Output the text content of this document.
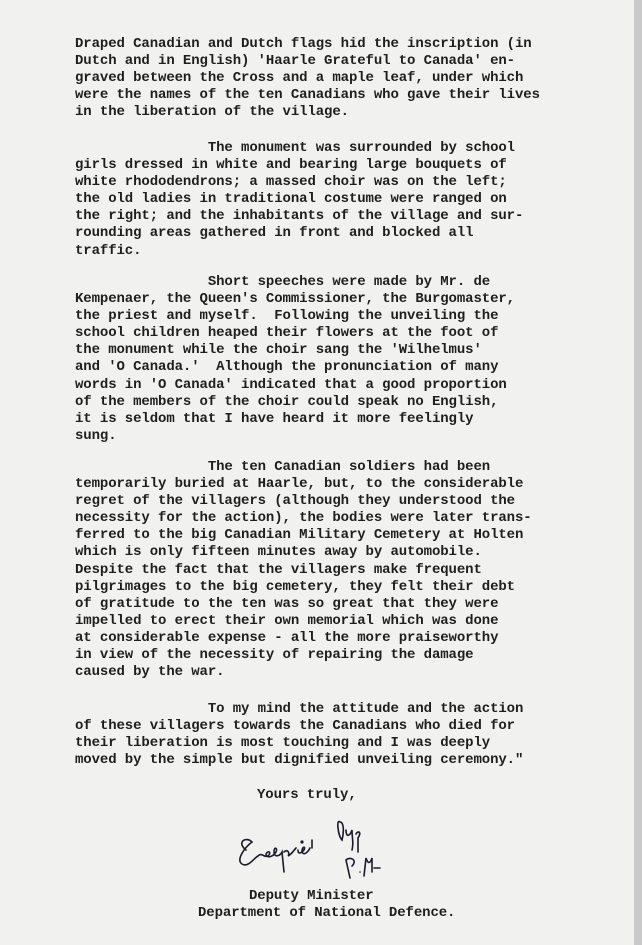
Draped Canadian and Dutch flags hid the inscription (in
Dutch and in English) 'Haarle Grateful to Canada' en-
graved between the Cross and a maple leaf, under which
were the names of the ten Canadians who gave their lives
in the liberation of the village.
The monument was surrounded by school
girls dressed in white and bearing large bouquets of
white rhododendrons; a massed choir was on the left;
the old ladies in traditional costume were ranged on
the right; and the inhabitants of the village and sur-
rounding areas gathered in front and blocked all
traffic.
Short speeches were made by Mr. de
Kempenaer, the Queen's Commissioner, the Burgomaster,
the priest and myself.  Following the unveiling the
school children heaped their flowers at the foot of
the monument while the choir sang the 'Wilhelmus'
and 'O Canada.'  Although the pronunciation of many
words in 'O Canada' indicated that a good proportion
of the members of the choir could speak no English,
it is seldom that I have heard it more feelingly
sung.
The ten Canadian soldiers had been
temporarily buried at Haarle, but, to the considerable
regret of the villagers (although they understood the
necessity for the action), the bodies were later trans-
ferred to the big Canadian Military Cemetery at Holten
which is only fifteen minutes away by automobile.
Despite the fact that the villagers make frequent
pilgrimages to the big cemetery, they felt their debt
of gratitude to the ten was so great that they were
impelled to erect their own memorial which was done
at considerable expense - all the more praiseworthy
in view of the necessity of repairing the damage
caused by the war.
To my mind the attitude and the action
of these villagers towards the Canadians who died for
their liberation is most touching and I was deeply
moved by the simple but dignified unveiling ceremony."
Yours truly,
Deputy Minister
Department of National Defence.
